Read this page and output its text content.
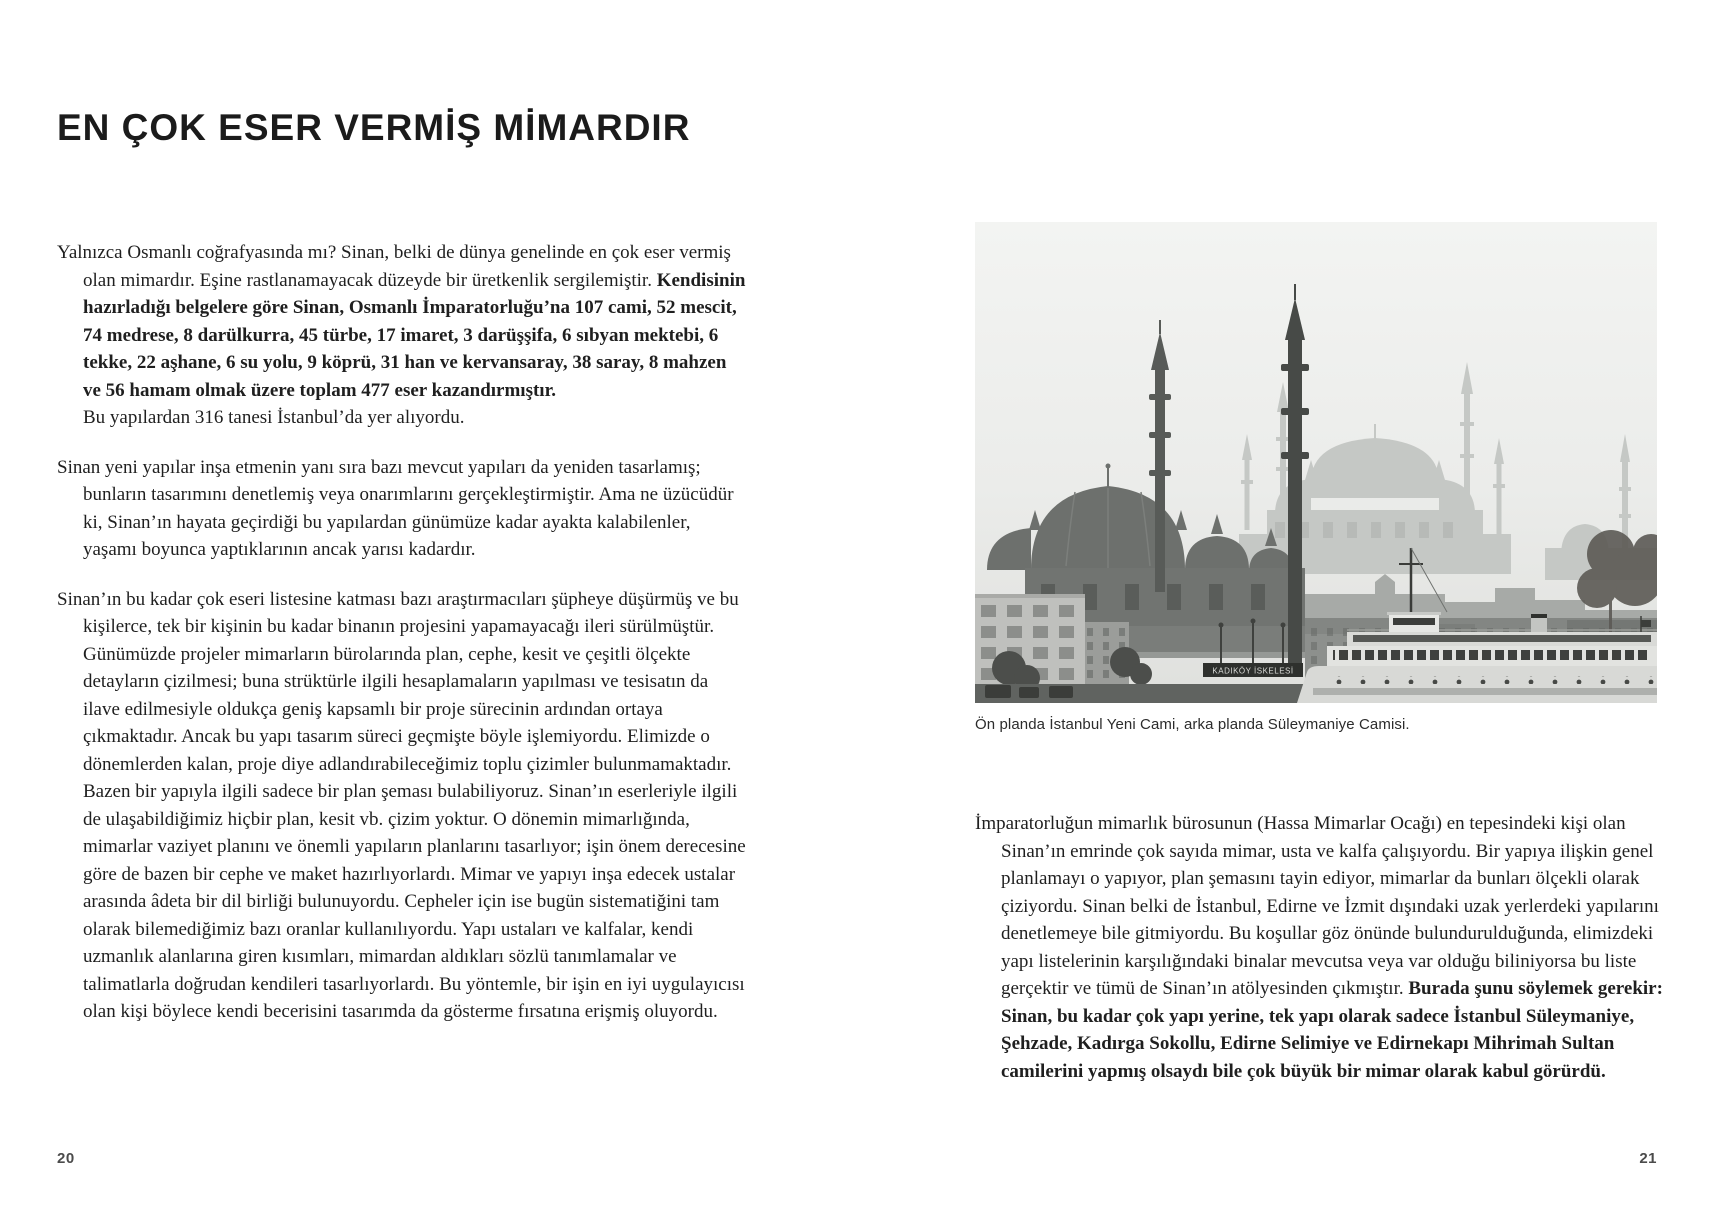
EN ÇOK ESER VERMİŞ MİMARDIR

Yalnızca Osmanlı coğrafyasında mı? Sinan, belki de dünya genelinde en çok eser vermiş olan mimardır. Eşine rastlanamayacak düzeyde bir üretkenlik sergilemiştir. Kendisinin hazırladığı belgelere göre Sinan, Osmanlı İmparatorluğu’na 107 cami, 52 mescit, 74 medrese, 8 darülkurra, 45 türbe, 17 imaret, 3 darüşşifa, 6 sıbyan mektebi, 6 tekke, 22 aşhane, 6 su yolu, 9 köprü, 31 han ve kervansaray, 38 saray, 8 mahzen ve 56 hamam olmak üzere toplam 477 eser kazandırmıştır.
Bu yapılardan 316 tanesi İstanbul’da yer alıyordu.

Sinan yeni yapılar inşa etmenin yanı sıra bazı mevcut yapıları da yeniden tasarlamış; bunların tasarımını denetlemiş veya onarımlarını gerçekleştirmiştir. Ama ne üzücüdür ki, Sinan’ın hayata geçirdiği bu yapılardan günümüze kadar ayakta kalabilenler, yaşamı boyunca yaptıklarının ancak yarısı kadardır.

Sinan’ın bu kadar çok eseri listesine katması bazı araştırmacıları şüpheye düşürmüş ve bu kişilerce, tek bir kişinin bu kadar binanın projesini yapamayacağı ileri sürülmüştür. Günümüzde projeler mimarların bürolarında plan, cephe, kesit ve çeşitli ölçekte detayların çizilmesi; buna strüktürle ilgili hesaplamaların yapılması ve tesisatın da ilave edilmesiyle oldukça geniş kapsamlı bir proje sürecinin ardından ortaya çıkmaktadır. Ancak bu yapı tasarım süreci geçmişte böyle işlemiyordu. Elimizde o dönemlerden kalan, proje diye adlandırabileceğimiz toplu çizimler bulunmamaktadır. Bazen bir yapıyla ilgili sadece bir plan şeması bulabiliyoruz. Sinan’ın eserleriyle ilgili de ulaşabildiğimiz hiçbir plan, kesit vb. çizim yoktur. O dönemin mimarlığında, mimarlar vaziyet planını ve önemli yapıların planlarını tasarlıyor; işin önem derecesine göre de bazen bir cephe ve maket hazırlıyorlardı. Mimar ve yapıyı inşa edecek ustalar arasında âdeta bir dil birliği bulunuyordu. Cepheler için ise bugün sistematiğini tam olarak bilemediğimiz bazı oranlar kullanılıyordu. Yapı ustaları ve kalfalar, kendi uzmanlık alanlarına giren kısımları, mimardan aldıkları sözlü tanımlamalar ve talimatlarla doğrudan kendileri tasarlıyorlardı. Bu yöntemle, bir işin en iyi uygulayıcısı olan kişi böylece kendi becerisini tasarımda da gösterme fırsatına erişmiş oluyordu.

20
KADIKÖY İSKELESİ
Ön planda İstanbul Yeni Cami, arka planda Süleymaniye Camisi.

İmparatorluğun mimarlık bürosunun (Hassa Mimarlar Ocağı) en tepesindeki kişi olan Sinan’ın emrinde çok sayıda mimar, usta ve kalfa çalışıyordu. Bir yapıya ilişkin genel planlamayı o yapıyor, plan şemasını tayin ediyor, mimarlar da bunları ölçekli olarak çiziyordu. Sinan belki de İstanbul, Edirne ve İzmit dışındaki uzak yerlerdeki yapılarını denetlemeye bile gitmiyordu. Bu koşullar göz önünde bulundurulduğunda, elimizdeki yapı listelerinin karşılığındaki binalar mevcutsa veya var olduğu biliniyorsa bu liste gerçektir ve tümü de Sinan’ın atölyesinden çıkmıştır. Burada şunu söylemek gerekir: Sinan, bu kadar çok yapı yerine, tek yapı olarak sadece İstanbul Süleymaniye, Şehzade, Kadırga Sokollu, Edirne Selimiye ve Edirnekapı Mihrimah Sultan camilerini yapmış olsaydı bile çok büyük bir mimar olarak kabul görürdü.

21
